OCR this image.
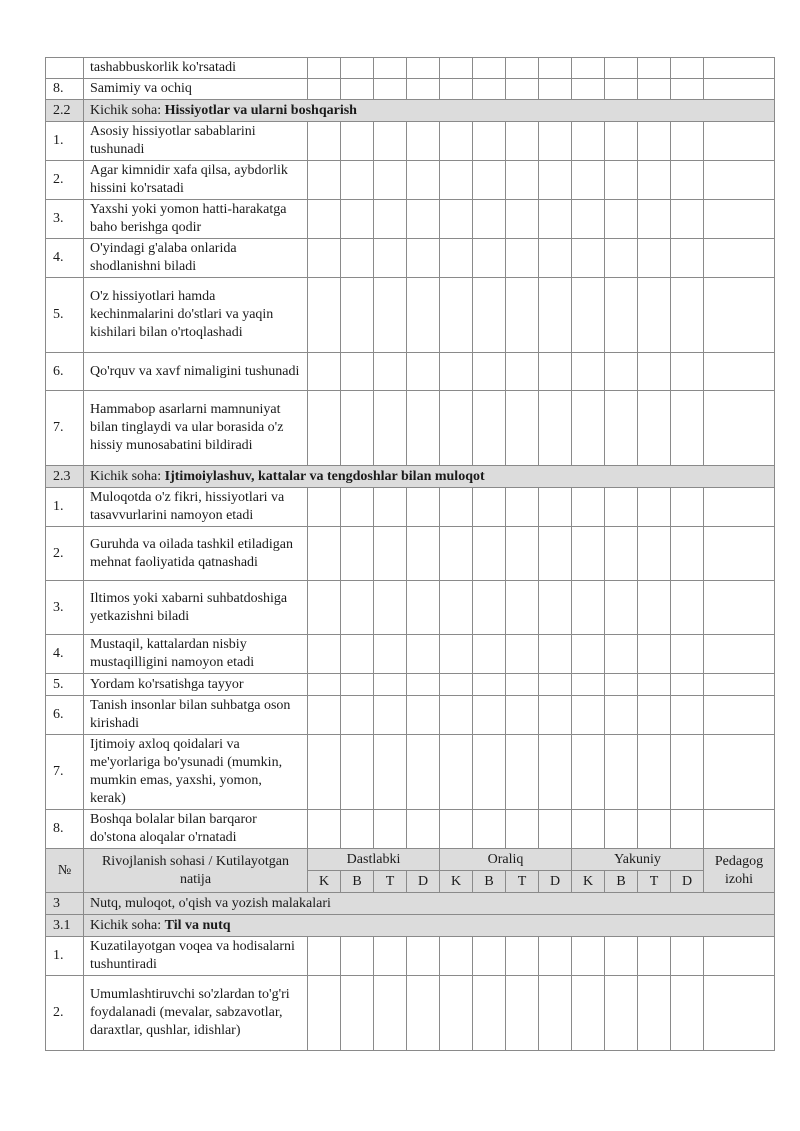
	tashabbuskorlik ko'rsatadi													
8.	Samimiy va ochiq													
2.2	Kichik soha: Hissiyotlar va ularni boshqarish													
1.	Asosiy hissiyotlar sabablarini tushunadi													
2.	Agar kimnidir xafa qilsa, aybdorlik hissini ko'rsatadi													
3.	Yaxshi yoki yomon hatti-harakatga baho berishga qodir													
4.	O'yindagi g'alaba onlarida shodlanishni biladi													
5.	O'z hissiyotlari hamda kechinmalarini do'stlari va yaqin kishilari bilan o'rtoqlashadi													
6.	Qo'rquv va xavf nimaligini tushunadi													
7.	Hammabop asarlarni mamnuniyat bilan tinglaydi va ular borasida o'z hissiy munosabatini bildiradi													
2.3	Kichik soha: Ijtimoiylashuv, kattalar va tengdoshlar bilan muloqot													
1.	Muloqotda o'z fikri, hissiyotlari va tasavvurlarini namoyon etadi													
2.	Guruhda va oilada tashkil etiladigan mehnat faoliyatida qatnashadi													
3.	Iltimos yoki xabarni suhbatdoshiga yetkazishni biladi													
4.	Mustaqil, kattalardan nisbiy mustaqilligini namoyon etadi													
5.	Yordam ko'rsatishga tayyor													
6.	Tanish insonlar bilan suhbatga oson kirishadi													
7.	Ijtimoiy axloq qoidalari va me'yorlariga bo'ysunadi (mumkin, mumkin emas, yaxshi, yomon, kerak)													
8.	Boshqa bolalar bilan barqaror do'stona aloqalar o'rnatadi													
№	Rivojlanish sohasi / Kutilayotgan natija	Dastlabki				Oraliq				Yakuniy				Pedagog izohi
		K	B	T	D	K	B	T	D	K	B	T	D	
3	Nutq, muloqot, o'qish va yozish malakalari													
3.1	Kichik soha: Til va nutq													
1.	Kuzatilayotgan voqea va hodisalarni tushuntiradi													
2.	Umumlashtiruvchi so'zlardan to'g'ri foydalanadi (mevalar, sabzavotlar, daraxtlar, qushlar, idishlar)													
